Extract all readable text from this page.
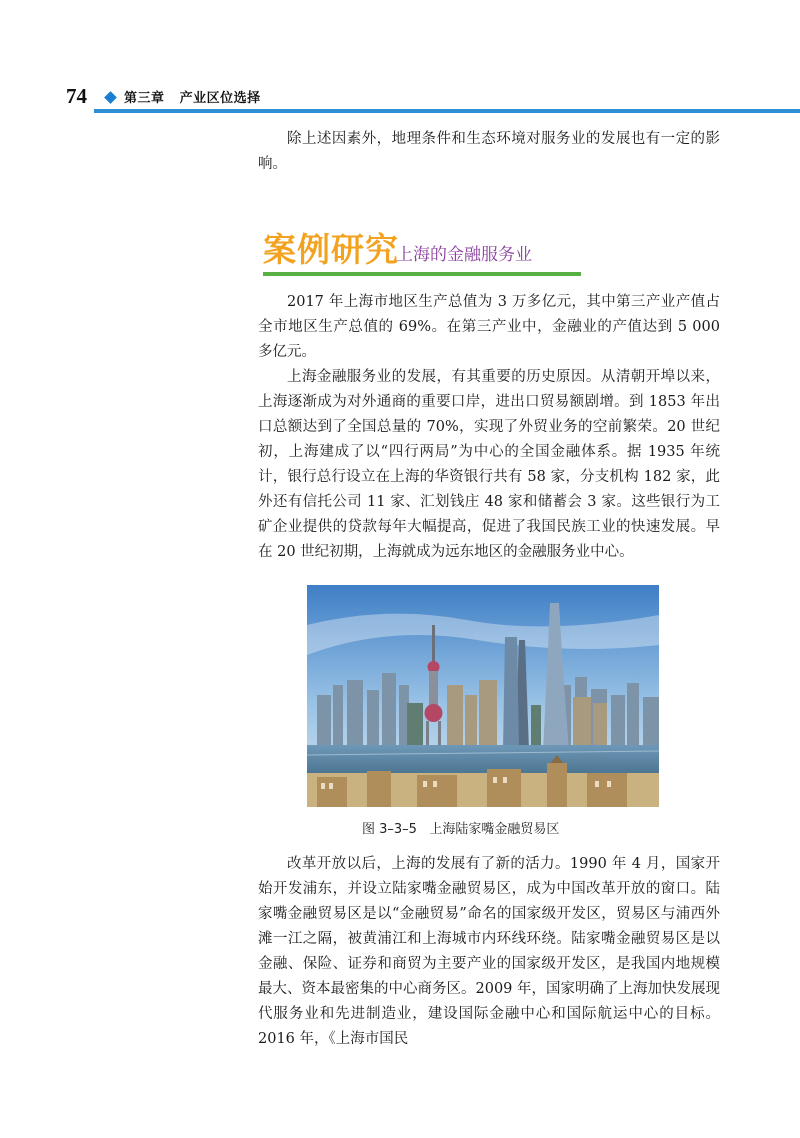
74	第三章   产业区位选择

除上述因素外，地理条件和生态环境对服务业的发展也有一定的影响。

案例研究
上海的金融服务业

2017 年上海市地区生产总值为 3 万多亿元，其中第三产业产值占全市地区生产总值的 69%。在第三产业中，金融业的产值达到 5 000 多亿元。

上海金融服务业的发展，有其重要的历史原因。从清朝开埠以来，上海逐渐成为对外通商的重要口岸，进出口贸易额剧增。到 1853 年出口总额达到了全国总量的 70%，实现了外贸业务的空前繁荣。20 世纪初，上海建成了以“四行两局”为中心的全国金融体系。据 1935 年统计，银行总行设立在上海的华资银行共有 58 家，分支机构 182 家，此外还有信托公司 11 家、汇划钱庄 48 家和储蓄会 3 家。这些银行为工矿企业提供的贷款每年大幅提高，促进了我国民族工业的快速发展。早在 20 世纪初期，上海就成为远东地区的金融服务业中心。

图 3–3–5   上海陆家嘴金融贸易区

改革开放以后，上海的发展有了新的活力。1990 年 4 月，国家开始开发浦东，并设立陆家嘴金融贸易区，成为中国改革开放的窗口。陆家嘴金融贸易区是以“金融贸易”命名的国家级开发区，贸易区与浦西外滩一江之隔，被黄浦江和上海城市内环线环绕。陆家嘴金融贸易区是以金融、保险、证券和商贸为主要产业的国家级开发区，是我国内地规模最大、资本最密集的中心商务区。2009 年，国家明确了上海加快发展现代服务业和先进制造业，建设国际金融中心和国际航运中心的目标。2016 年，《上海市国民
